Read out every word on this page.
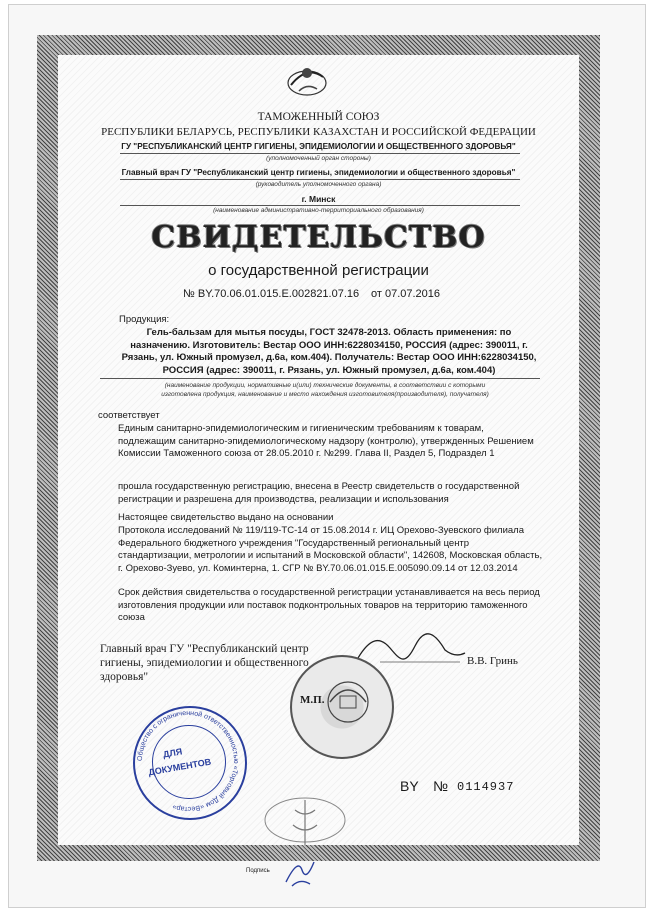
ТАМОЖЕННЫЙ СОЮЗ
РЕСПУБЛИКИ БЕЛАРУСЬ, РЕСПУБЛИКИ КАЗАХСТАН И РОССИЙСКОЙ ФЕДЕРАЦИИ
ГУ "РЕСПУБЛИКАНСКИЙ ЦЕНТР ГИГИЕНЫ, ЭПИДЕМИОЛОГИИ И ОБЩЕСТВЕННОГО ЗДОРОВЬЯ"
(уполномоченный орган стороны)
Главный врач ГУ "Республиканский центр гигиены, эпидемиологии и общественного здоровья"
(руководитель уполномоченного органа)
г. Минск
(наименование административно-территориального образования)
СВИДЕТЕЛЬСТВО
о государственной регистрации
№ BY.70.06.01.015.E.002821.07.16 от 07.07.2016
Продукция:
Гель-бальзам для мытья посуды, ГОСТ 32478-2013. Область применения: по
назначению. Изготовитель: Вестар ООО ИНН:6228034150, РОССИЯ (адрес: 390011, г.
Рязань, ул. Южный промузел, д.6а, ком.404). Получатель: Вестар ООО ИНН:6228034150,
РОССИЯ (адрес: 390011, г. Рязань, ул. Южный промузел, д.6а, ком.404)
(наименование продукции, нормативные и(или) технические документы, в соответствии с которыми
изготовлена продукция, наименование и место нахождения изготовителя(производителя), получателя)
соответствует
Единым санитарно-эпидемиологическим и гигиеническим требованиям к товарам,
подлежащим санитарно-эпидемиологическому надзору (контролю), утвержденных Решением
Комиссии Таможенного союза от 28.05.2010 г. №299. Глава II, Раздел 5, Подраздел 1
прошла государственную регистрацию, внесена в Реестр свидетельств о государственной
регистрации и разрешена для производства, реализации и использования
Настоящее свидетельство выдано на основании
Протокола исследований № 119/119-ТС-14 от 15.08.2014 г. ИЦ Орехово-Зуевского филиала
Федерального бюджетного учреждения "Государственный региональный центр
стандартизации, метрологии и испытаний в Московской области", 142608, Московская область,
г. Орехово-Зуево, ул. Коминтерна, 1. СГР № BY.70.06.01.015.E.005090.09.14 от 12.03.2014
Срок действия свидетельства о государственной регистрации устанавливается на весь период
изготовления продукции или поставок подконтрольных товаров на территорию таможенного
союза
Главный врач ГУ "Республиканский центр
гигиены, эпидемиологии и общественного
здоровья"
В.В. Гринь
М.П.
Общество с ограниченной ответственностью «Торговый Дом «Вестар»
ДЛЯ
ДОКУМЕНТОВ
BY № 0114937
Подпись
